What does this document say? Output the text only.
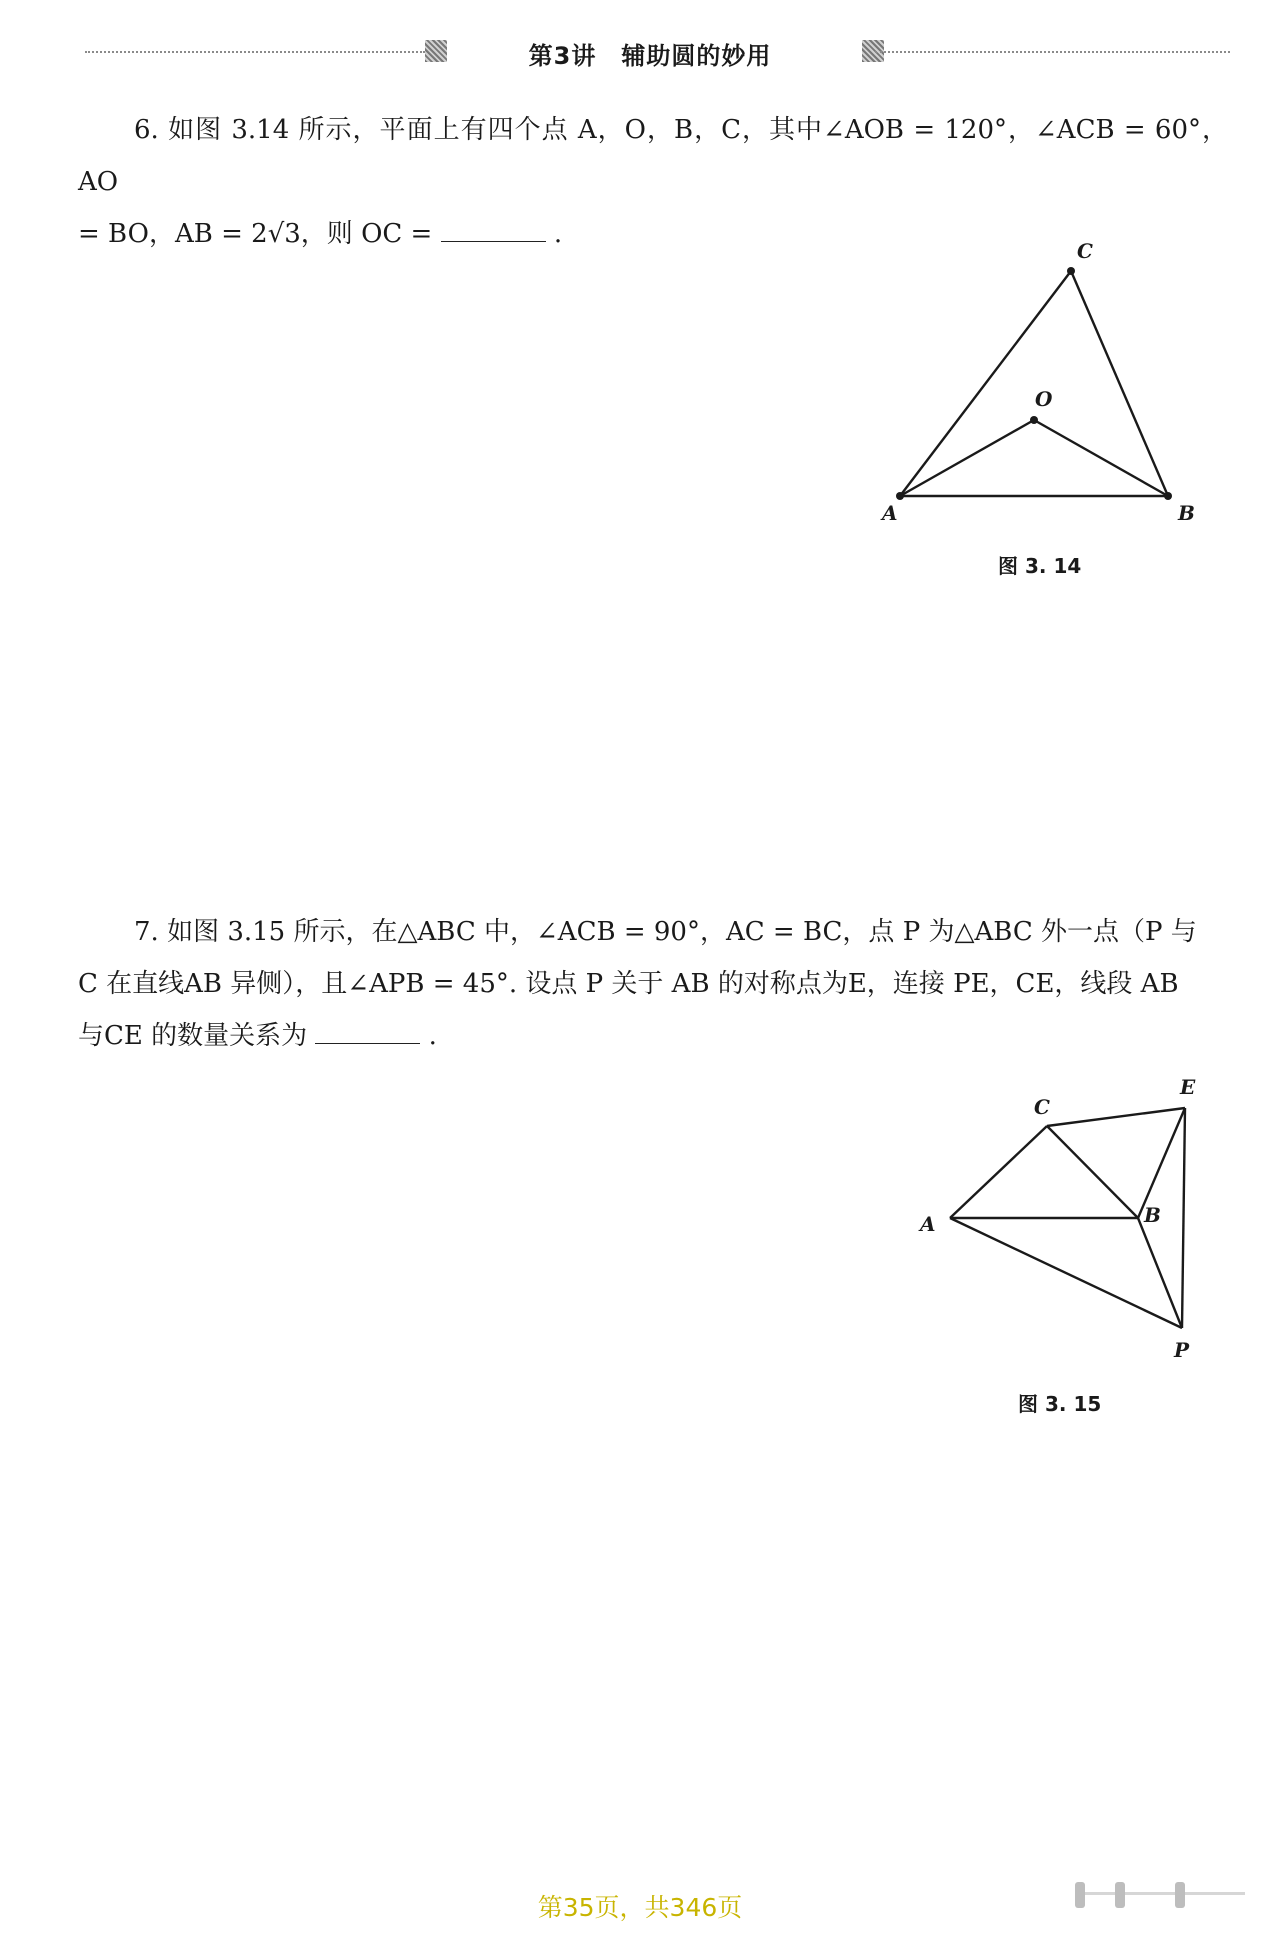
第3讲　辅助圆的妙用

6. 如图 3.14 所示，平面上有四个点 A，O，B，C，其中∠AOB = 120°，∠ACB = 60°，AO

= BO，AB = 2√3，则 OC =	.
A	B
C
O
图 3. 14

7. 如图 3.15 所示，在△ABC 中，∠ACB = 90°，AC = BC，点 P 为△ABC 外一点（P 与

C 在直线AB 异侧），且∠APB = 45°. 设点 P 关于 AB 的对称点为E，连接 PE，CE，线段 AB
与CE 的数量关系为	.
A	B
C
E
P
图 3. 15
第35页，共346页
